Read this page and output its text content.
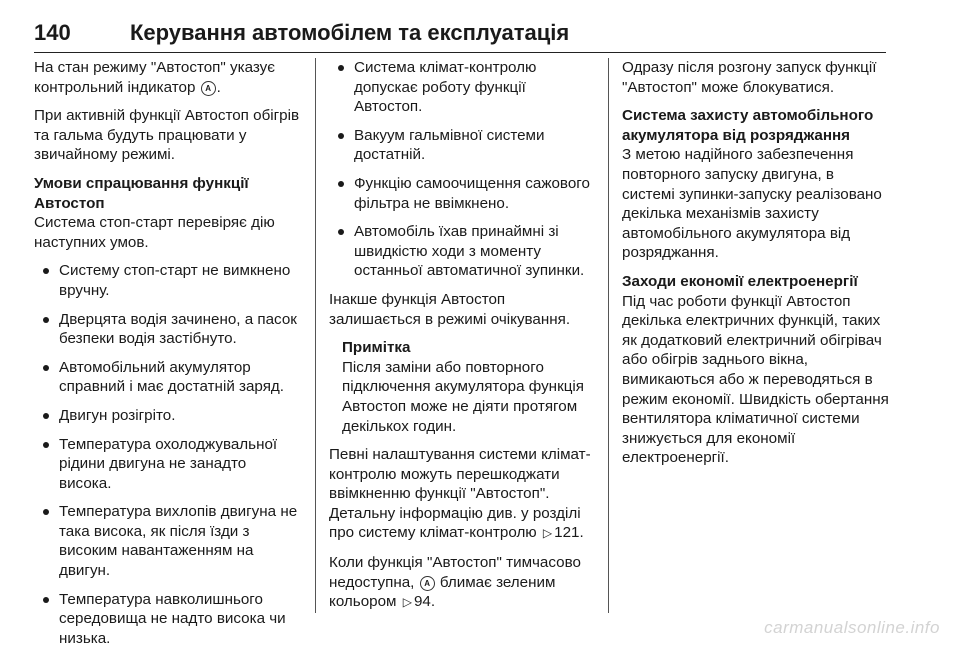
140	Керування автомобілем та експлуатація

На стан режиму "Автостоп" указує контрольний індикатор A .

При активній функції Автостоп обігрів та гальма будуть працювати у звичайному режимі.

Умови спрацювання функції Автостоп

Система стоп-старт перевіряє дію наступних умов.

Систему стоп-старт не вимкнено вручну.
Дверцята водія зачинено, а пасок безпеки водія застібнуто.
Автомобільний акумулятор справний і має достатній заряд.
Двигун розігріто.
Температура охолоджувальної рідини двигуна не занадто висока.
Температура вихлопів двигуна не така висока, як після їзди з високим навантаженням на двигун.
Температура навколишнього середовища не надто висока чи низька.
Система клімат-контролю допускає роботу функції Автостоп.
Вакуум гальмівної системи достатній.
Функцію самоочищення сажового фільтра не ввімкнено.
Автомобіль їхав принаймні зі швидкістю ходи з моменту останньої автоматичної зупинки.

Інакше функція Автостоп залишається в режимі очікування.

Примітка
Після заміни або повторного підключення акумулятора функція Автостоп може не діяти протягом декількох годин.

Певні налаштування системи клімат-контролю можуть перешкоджати ввімкненню функції "Автостоп". Детальну інформацію див. у розділі про систему клімат-контролю ▷ 121.

Коли функція "Автостоп" тимчасово недоступна, A блимає зеленим кольором ▷ 94.

Одразу після розгону запуск функції "Автостоп" може блокуватися.

Система захисту автомобільного акумулятора від розряджання

З метою надійного забезпечення повторного запуску двигуна, в системі зупинки-запуску реалізовано декілька механізмів захисту автомобільного акумулятора від розряджання.

Заходи економії електроенергії

Під час роботи функції Автостоп декілька електричних функцій, таких як додатковий електричний обігрівач або обігрів заднього вікна, вимикаються або ж переводяться в режим економії. Швидкість обертання вентилятора кліматичної системи знижується для економії електроенергії.

carmanualsonline.info
